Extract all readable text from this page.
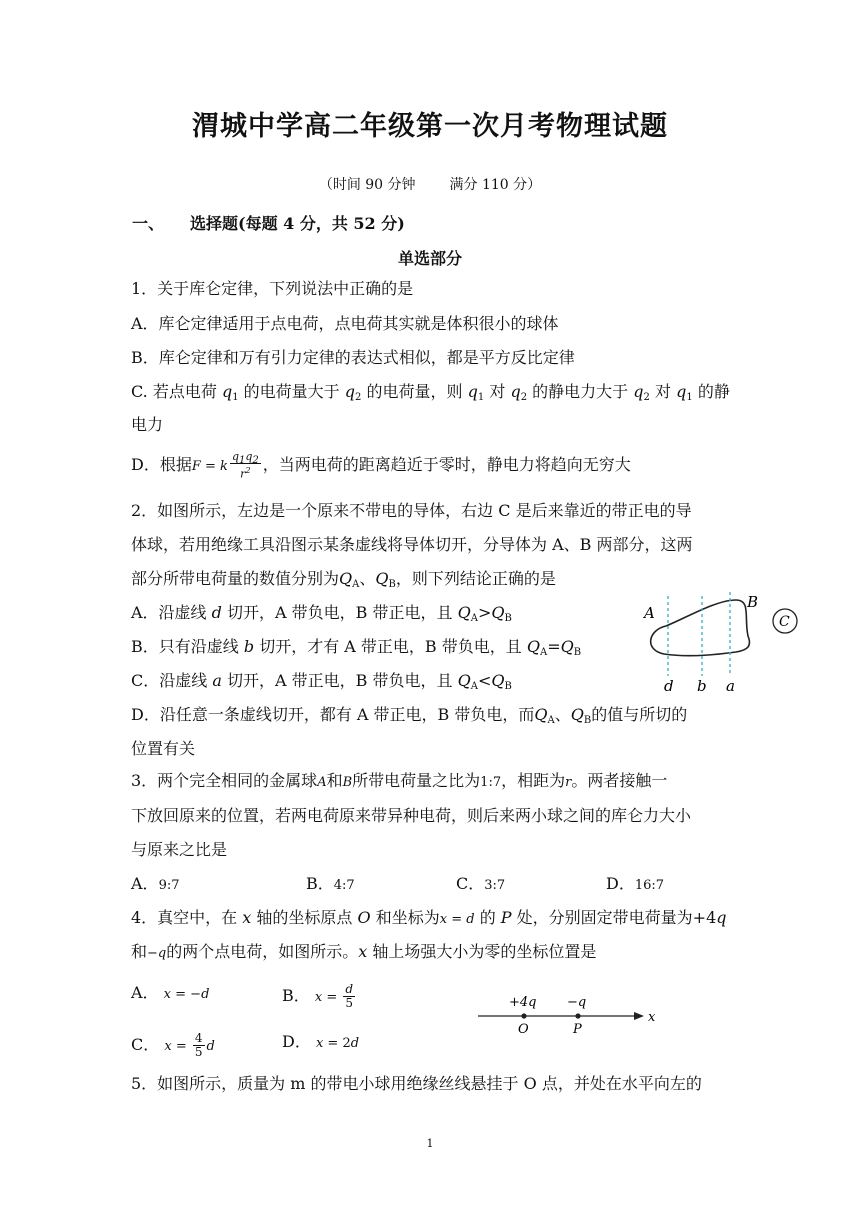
渭城中学高二年级第一次月考物理试题
（时间 90 分钟 满分 110 分）
一、 选择题(每题 4 分，共 52 分)
单选部分
1．关于库仑定律，下列说法中正确的是
A．库仑定律适用于点电荷，点电荷其实就是体积很小的球体
B．库仑定律和万有引力定律的表达式相似，都是平方反比定律
C. 若点电荷 $q_1$ 的电荷量大于 $q_2$ 的电荷量，则 $q_1$ 对 $q_2$ 的静电力大于 $q_2$ 对 $q_1$ 的静
电力
D．根据F = k $\frac{q_1q_2}{r^2}$ ，当两电荷的距离趋近于零时，静电力将趋向无穷大
2．如图所示，左边是一个原来不带电的导体，右边 C 是后来靠近的带正电的导
体球，若用绝缘工具沿图示某条虚线将导体切开，分导体为 A、B 两部分，这两
部分所带电荷量的数值分别为$Q_A$、$Q_B$，则下列结论正确的是
A．沿虚线 d 切开，A 带负电，B 带正电，且 $Q_A>Q_B$
B．只有沿虚线 b 切开，才有 A 带正电，B 带负电，且 $Q_A=Q_B$
C．沿虚线 a 切开，A 带正电，B 带负电，且 $Q_A<Q_B$
D．沿任意一条虚线切开，都有 A 带正电，B 带负电，而$Q_A$、$Q_B$的值与所切的
位置有关
C
A
B
d b a
3．两个完全相同的金属球A和B所带电荷量之比为1:7，相距为r。两者接触一
下放回原来的位置，若两电荷原来带异种电荷，则后来两小球之间的库仑力大小
与原来之比是
A．9:7	B．4:7	C．3:7	D．16:7
4．真空中，在 x 轴的坐标原点 O 和坐标为x = d 的 P 处，分别固定带电荷量为+4q
和−q的两个点电荷，如图所示。x 轴上场强大小为零的坐标位置是
A． x = −d	B． $x = \frac{d}{5}$
C． $x = \frac{4}{5}$ d	D． x = 2d
+4q −q
O	P
x
5．如图所示，质量为 m 的带电小球用绝缘丝线悬挂于 O 点，并处在水平向左的
1
